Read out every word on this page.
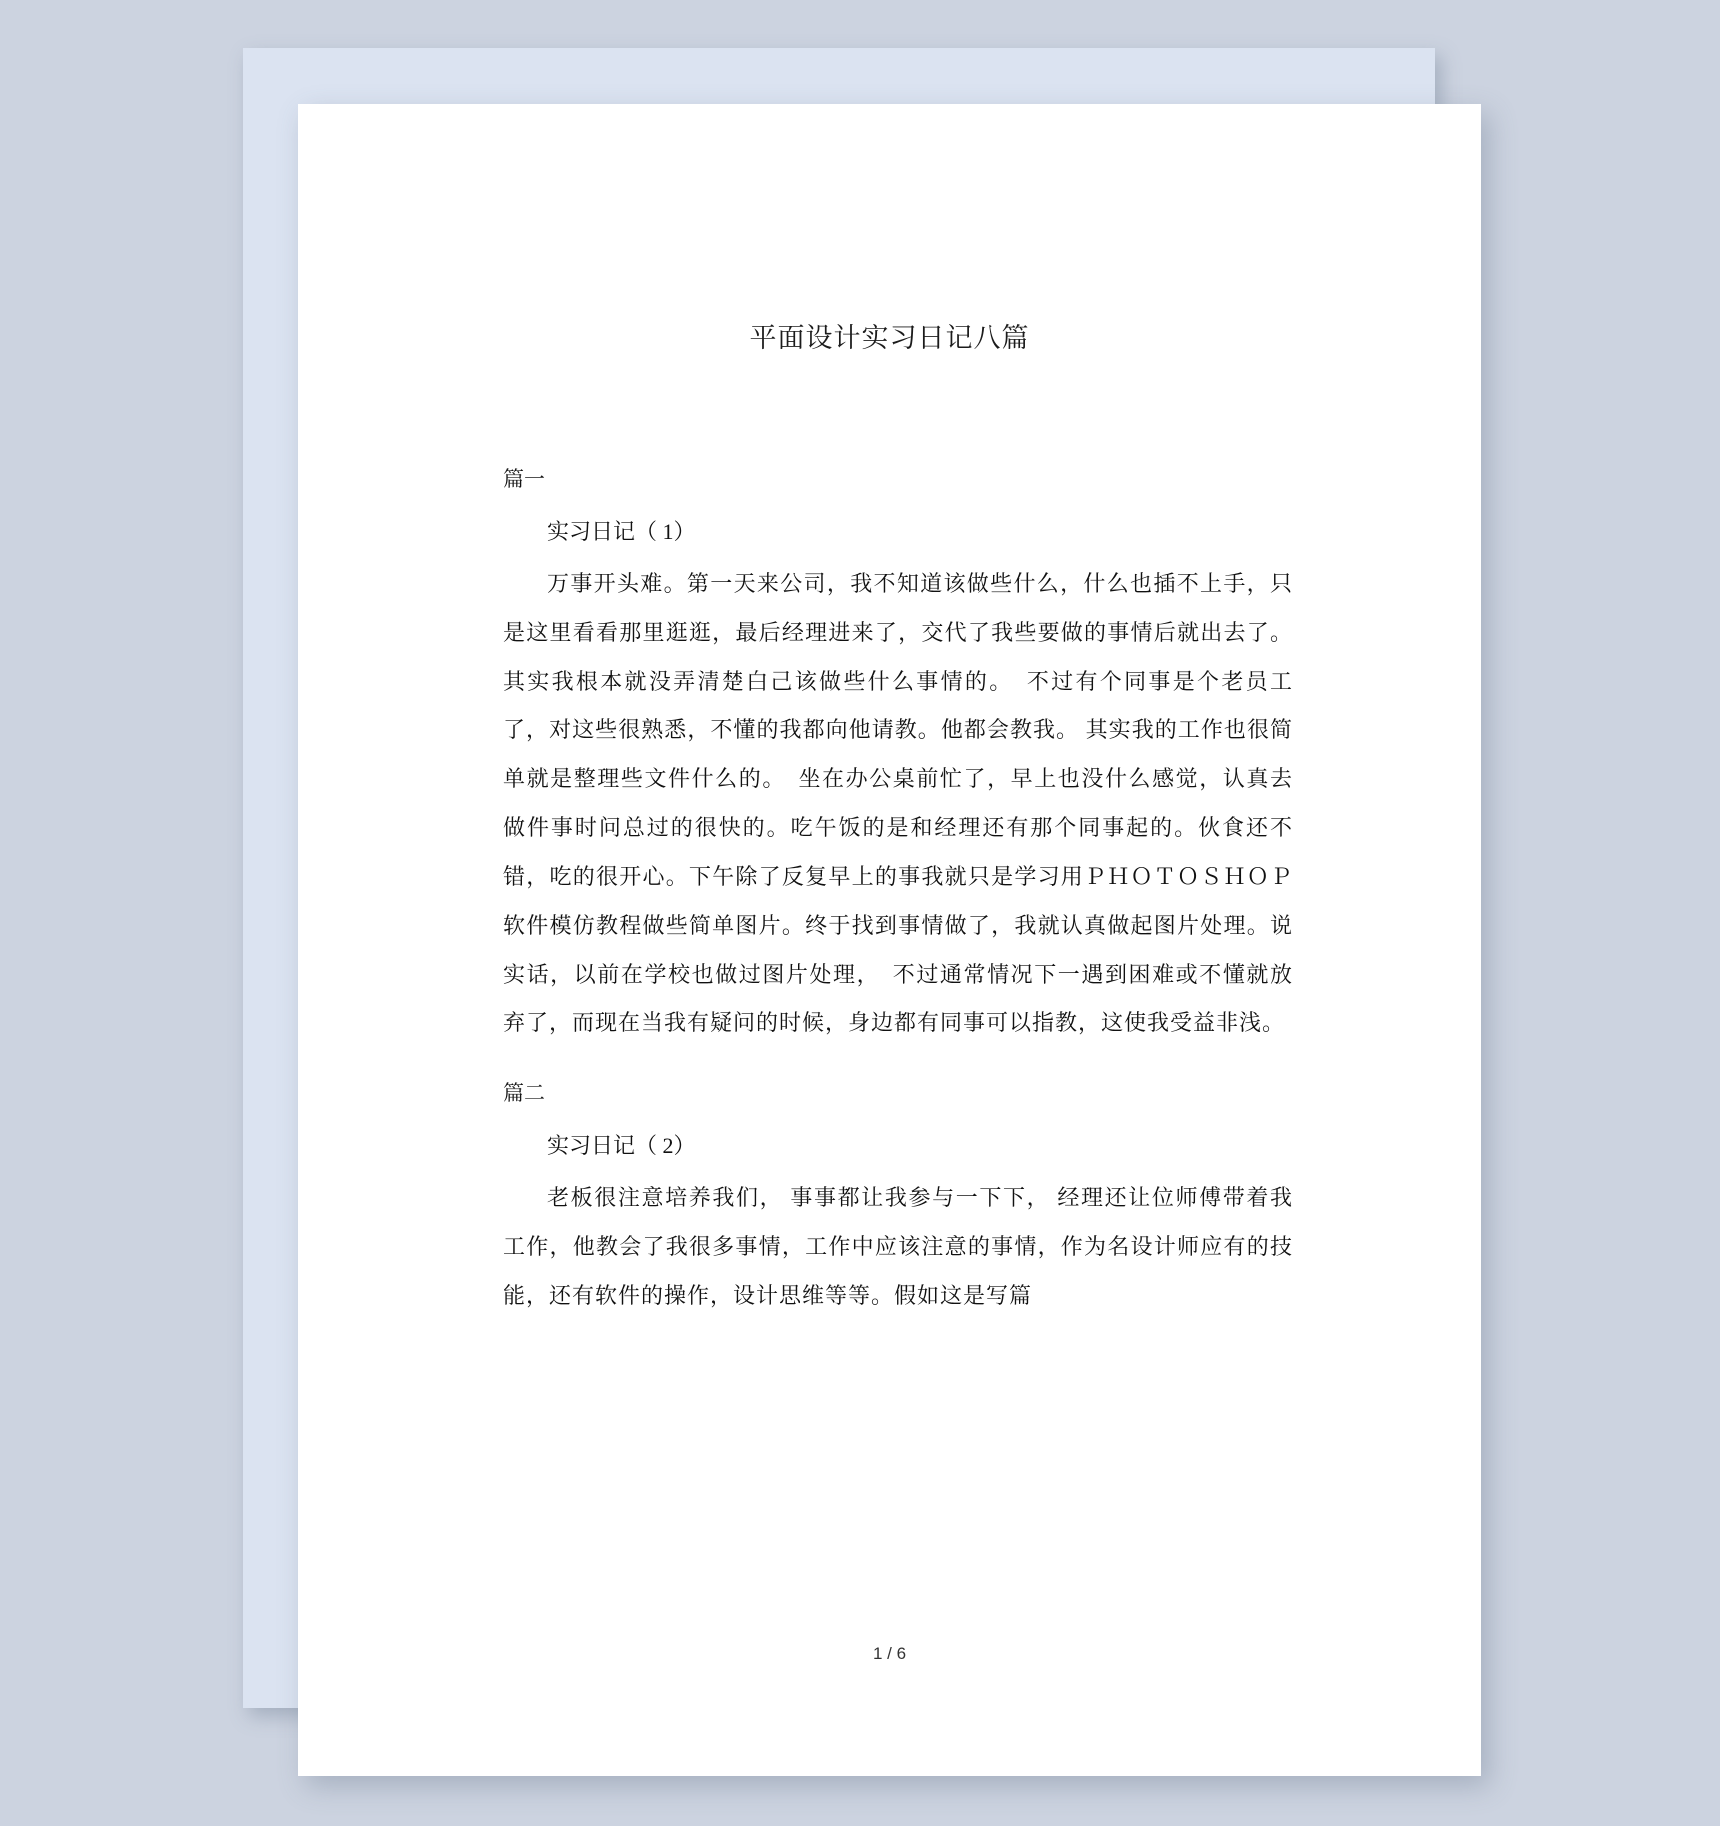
平面设计实习日记八篇
篇一
实习日记（ 1）
万事开头难。第一天来公司，我不知道该做些什么，什么也插不上手，只是这里看看那里逛逛，最后经理进来了，交代了我些要做的事情后就出去了。 其实我根本就没弄清楚白己该做些什么事情的。　不过有个同事是个老员工了，对这些很熟悉，不懂的我都向他请教。他都会教我。 其实我的工作也很简单就是整理些文件什么的。　坐在办公桌前忙了，早上也没什么感觉，认真去做件事时问总过的很快的。吃午饭的是和经理还有那个同事起的。伙食还不错，吃的很开心。下午除了反复早上的事我就只是学习用ＰＨＯＴＯＳＨＯＰ软件模仿教程做些简单图片。终于找到事情做了，我就认真做起图片处理。说实话，以前在学校也做过图片处理，　不过通常情况下一遇到困难或不懂就放弃了，而现在当我有疑问的时候，身边都有同事可以指教，这使我受益非浅。
篇二
实习日记（ 2）
老板很注意培养我们， 事事都让我参与一下下， 经理还让位师傅带着我工作，他教会了我很多事情，工作中应该注意的事情，作为名设计师应有的技能，还有软件的操作，设计思维等等。假如这是写篇
1 / 6
